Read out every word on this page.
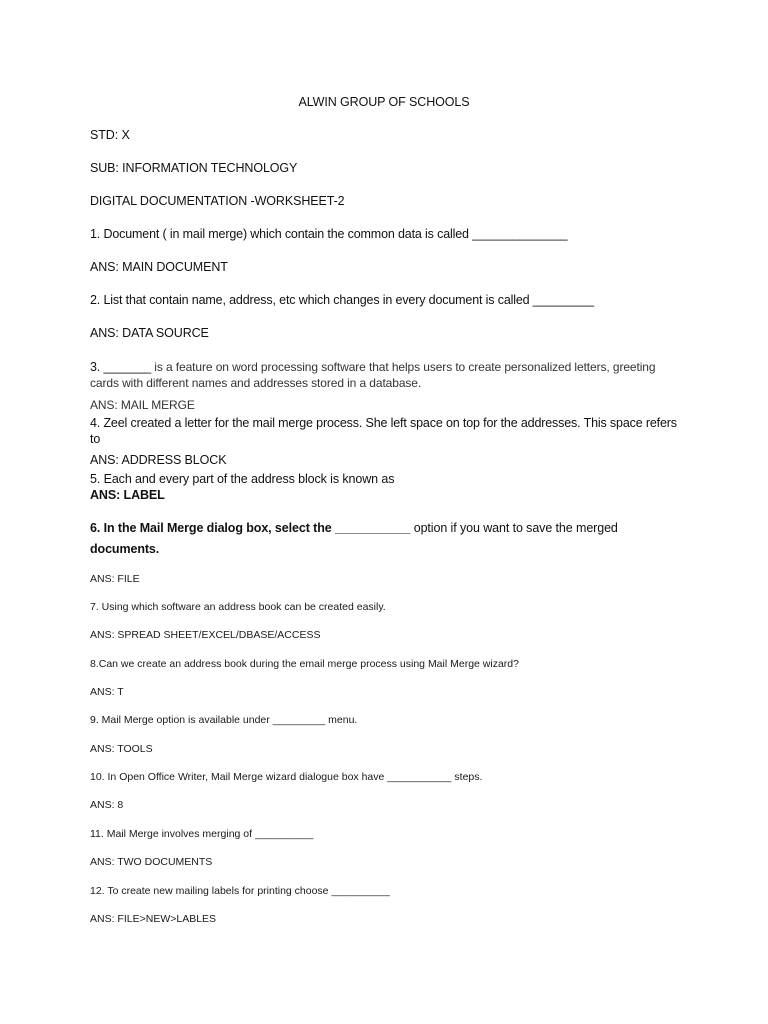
ALWIN GROUP OF SCHOOLS
STD: X
SUB: INFORMATION TECHNOLOGY
DIGITAL DOCUMENTATION -WORKSHEET-2
1. Document ( in mail merge) which contain the common data is called ______________
ANS: MAIN DOCUMENT
2. List that contain name, address, etc which changes in every document is called _________
ANS: DATA SOURCE
3. _______ is a feature on word processing software that helps users to create personalized letters, greeting cards with different names and addresses stored in a database.
ANS: MAIL MERGE
4. Zeel created a letter for the mail merge process. She left space on top for the addresses. This space refers to
ANS: ADDRESS BLOCK
5. Each and every part of the address block is known as
ANS: LABEL
6. In the Mail Merge dialog box, select the ___________ option if you want to save the merged
documents.
ANS: FILE
7. Using which software an address book can be created easily.
ANS: SPREAD SHEET/EXCEL/DBASE/ACCESS
8.Can we create an address book during the email merge process using Mail Merge wizard?
ANS: T
9. Mail Merge option is available under _________ menu.
ANS: TOOLS
10. In Open Office Writer, Mail Merge wizard dialogue box have ___________ steps.
ANS: 8
11. Mail Merge involves merging of __________
ANS: TWO DOCUMENTS
12. To create new mailing labels for printing choose __________
ANS: FILE>NEW>LABLES
